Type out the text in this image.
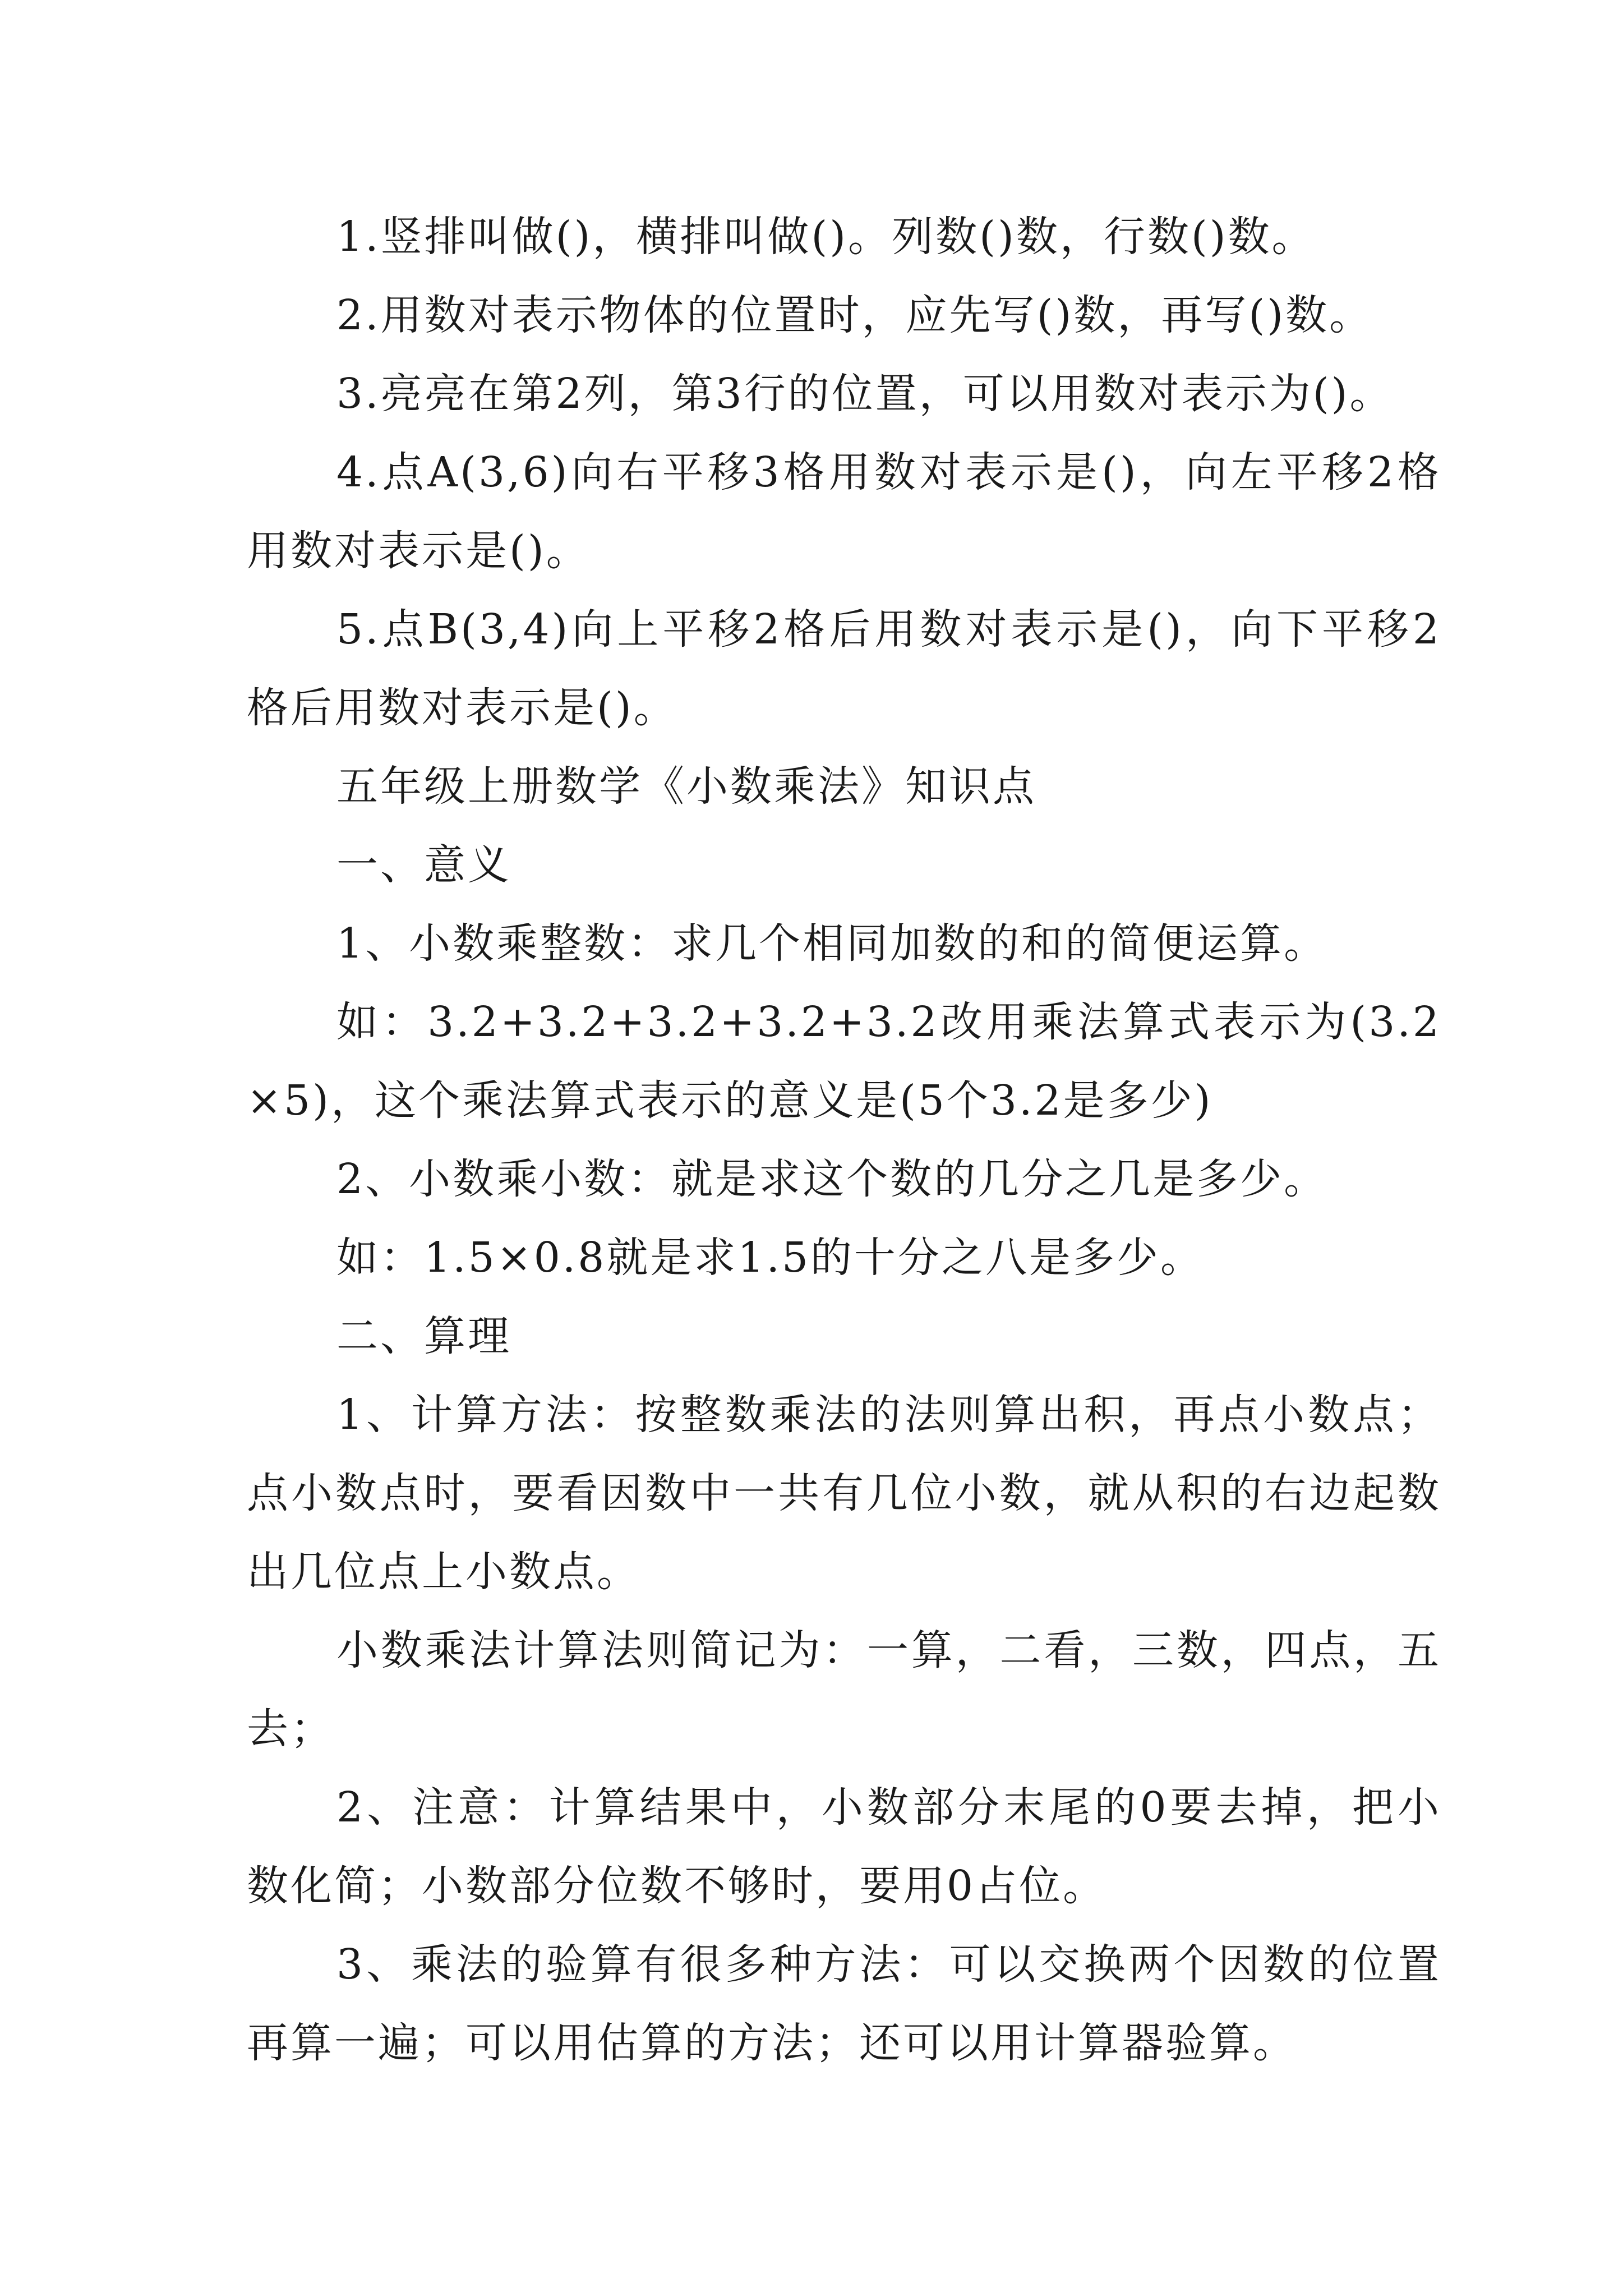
1.竖排叫做()，横排叫做()。列数()数，行数()数。

2.用数对表示物体的位置时，应先写()数，再写()数。

3.亮亮在第2列，第3行的位置，可以用数对表示为()。

4.点A(3,6)向右平移3格用数对表示是()，向左平移2格用数对表示是()。

5.点B(3,4)向上平移2格后用数对表示是()，向下平移2格后用数对表示是()。

五年级上册数学《小数乘法》知识点

一、意义

1、小数乘整数：求几个相同加数的和的简便运算。

如：3.2+3.2+3.2+3.2+3.2改用乘法算式表示为(3.2×5)，这个乘法算式表示的意义是(5个3.2是多少)

2、小数乘小数：就是求这个数的几分之几是多少。

如：1.5×0.8就是求1.5的十分之八是多少。

二、算理

1、计算方法：按整数乘法的法则算出积，再点小数点；点小数点时，要看因数中一共有几位小数，就从积的右边起数出几位点上小数点。

小数乘法计算法则简记为：一算，二看，三数，四点，五去；

2、注意：计算结果中，小数部分末尾的0要去掉，把小数化简；小数部分位数不够时，要用0占位。

3、乘法的验算有很多种方法：可以交换两个因数的位置再算一遍；可以用估算的方法；还可以用计算器验算。
